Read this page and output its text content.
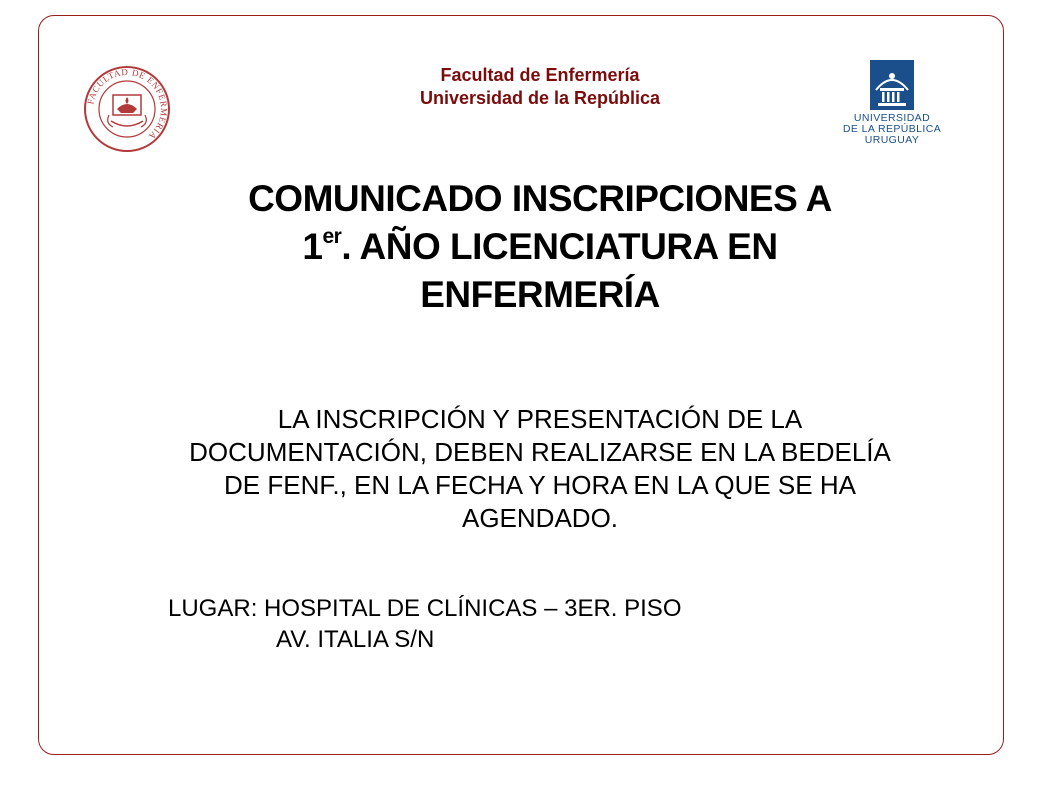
FACULTAD DE ENFERMERIA
Facultad de Enfermería
Universidad de la República
UNIVERSIDAD
DE LA REPÚBLICA
URUGUAY
COMUNICADO INSCRIPCIONES A
1er. AÑO LICENCIATURA EN
ENFERMERÍA
LA INSCRIPCIÓN Y PRESENTACIÓN DE LA DOCUMENTACIÓN, DEBEN REALIZARSE EN LA BEDELÍA DE FENF., EN LA FECHA Y HORA EN LA QUE SE HA AGENDADO.
LUGAR: HOSPITAL DE CLÍNICAS – 3ER. PISO
AV. ITALIA S/N
